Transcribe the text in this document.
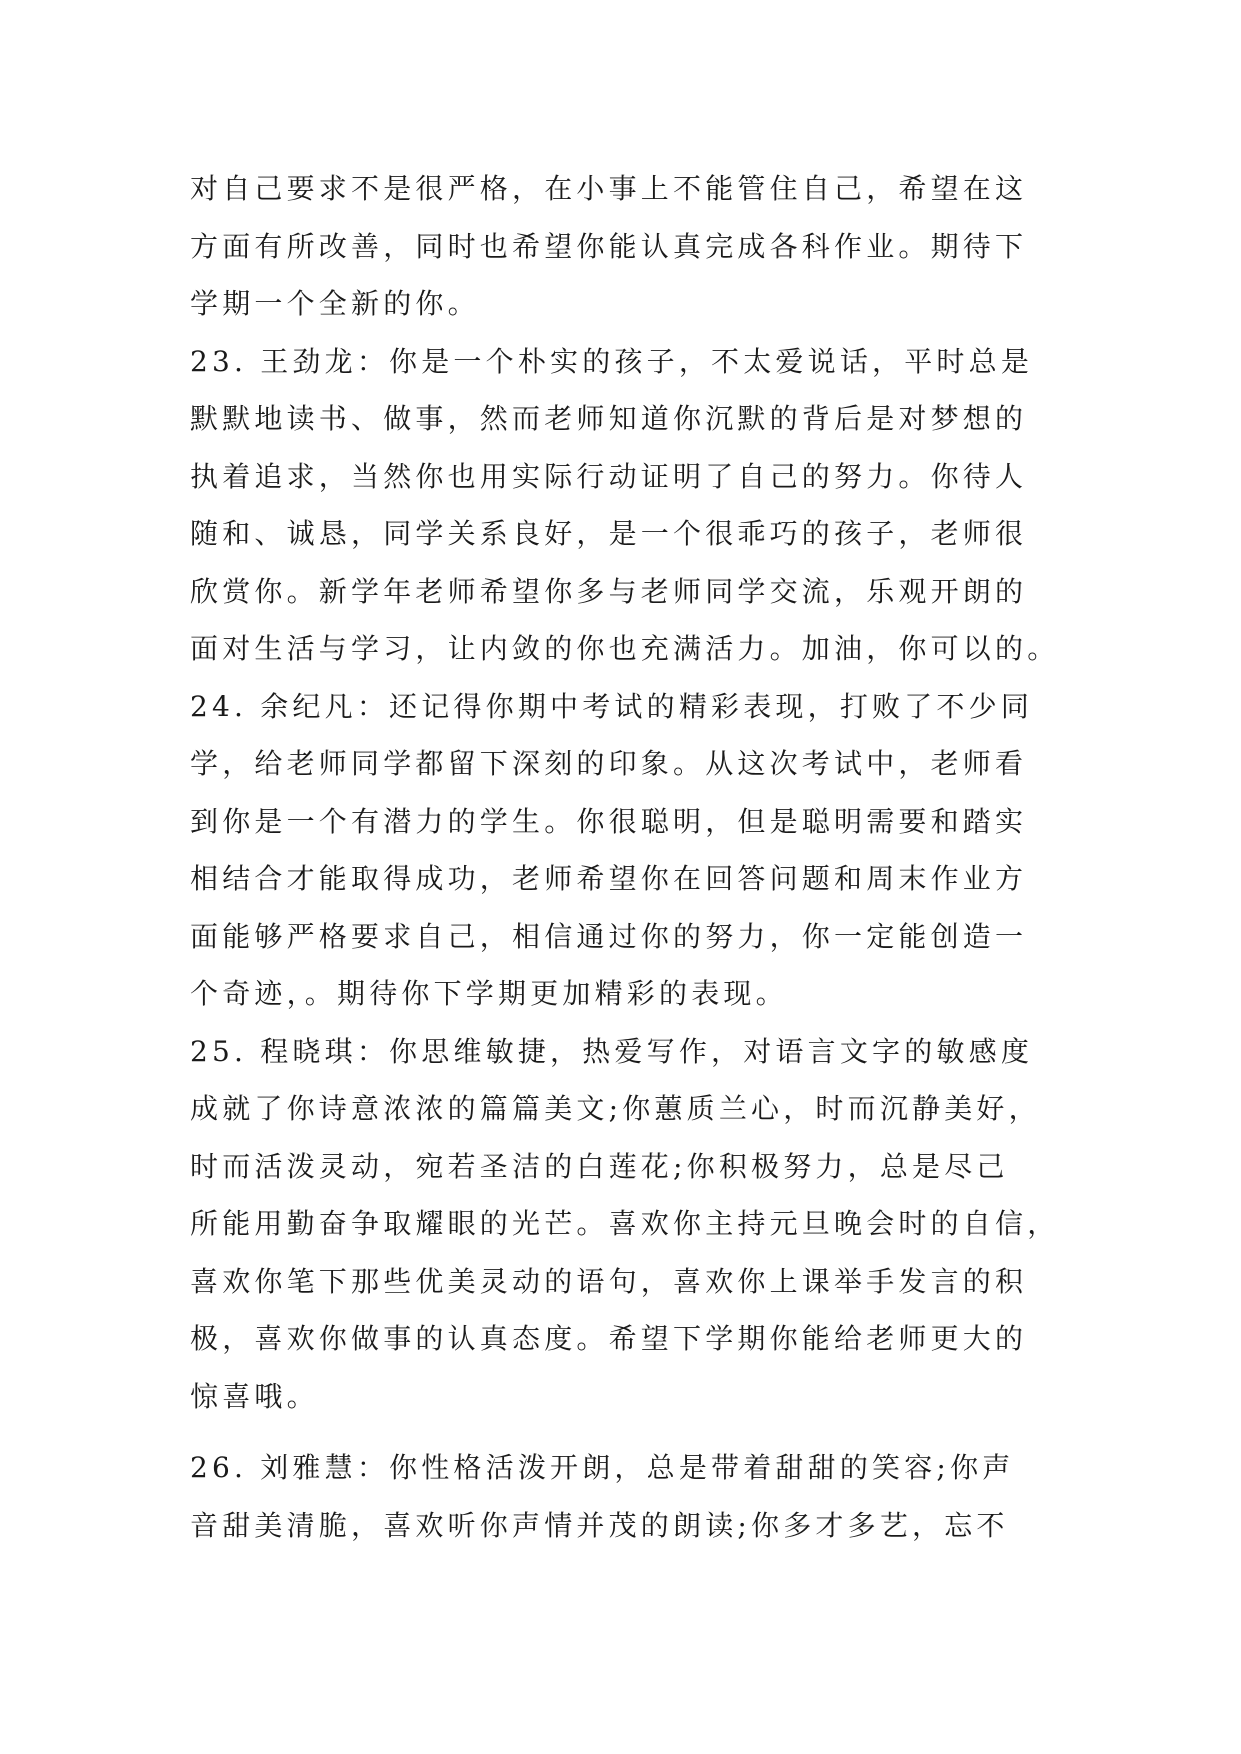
对自己要求不是很严格，在小事上不能管住自己，希望在这
方面有所改善，同时也希望你能认真完成各科作业。期待下
学期一个全新的你。
23. 王劲龙：你是一个朴实的孩子，不太爱说话，平时总是
默默地读书、做事，然而老师知道你沉默的背后是对梦想的
执着追求，当然你也用实际行动证明了自己的努力。你待人
随和、诚恳，同学关系良好，是一个很乖巧的孩子，老师很
欣赏你。新学年老师希望你多与老师同学交流，乐观开朗的
面对生活与学习，让内敛的你也充满活力。加油，你可以的。
24. 余纪凡：还记得你期中考试的精彩表现，打败了不少同
学，给老师同学都留下深刻的印象。从这次考试中，老师看
到你是一个有潜力的学生。你很聪明，但是聪明需要和踏实
相结合才能取得成功，老师希望你在回答问题和周末作业方
面能够严格要求自己，相信通过你的努力，你一定能创造一
个奇迹，。期待你下学期更加精彩的表现。
25. 程晓琪：你思维敏捷，热爱写作，对语言文字的敏感度
成就了你诗意浓浓的篇篇美文;你蕙质兰心，时而沉静美好，
时而活泼灵动，宛若圣洁的白莲花;你积极努力，总是尽己
所能用勤奋争取耀眼的光芒。喜欢你主持元旦晚会时的自信，
喜欢你笔下那些优美灵动的语句，喜欢你上课举手发言的积
极，喜欢你做事的认真态度。希望下学期你能给老师更大的
惊喜哦。
26. 刘雅慧：你性格活泼开朗，总是带着甜甜的笑容;你声
音甜美清脆，喜欢听你声情并茂的朗读;你多才多艺，忘不
